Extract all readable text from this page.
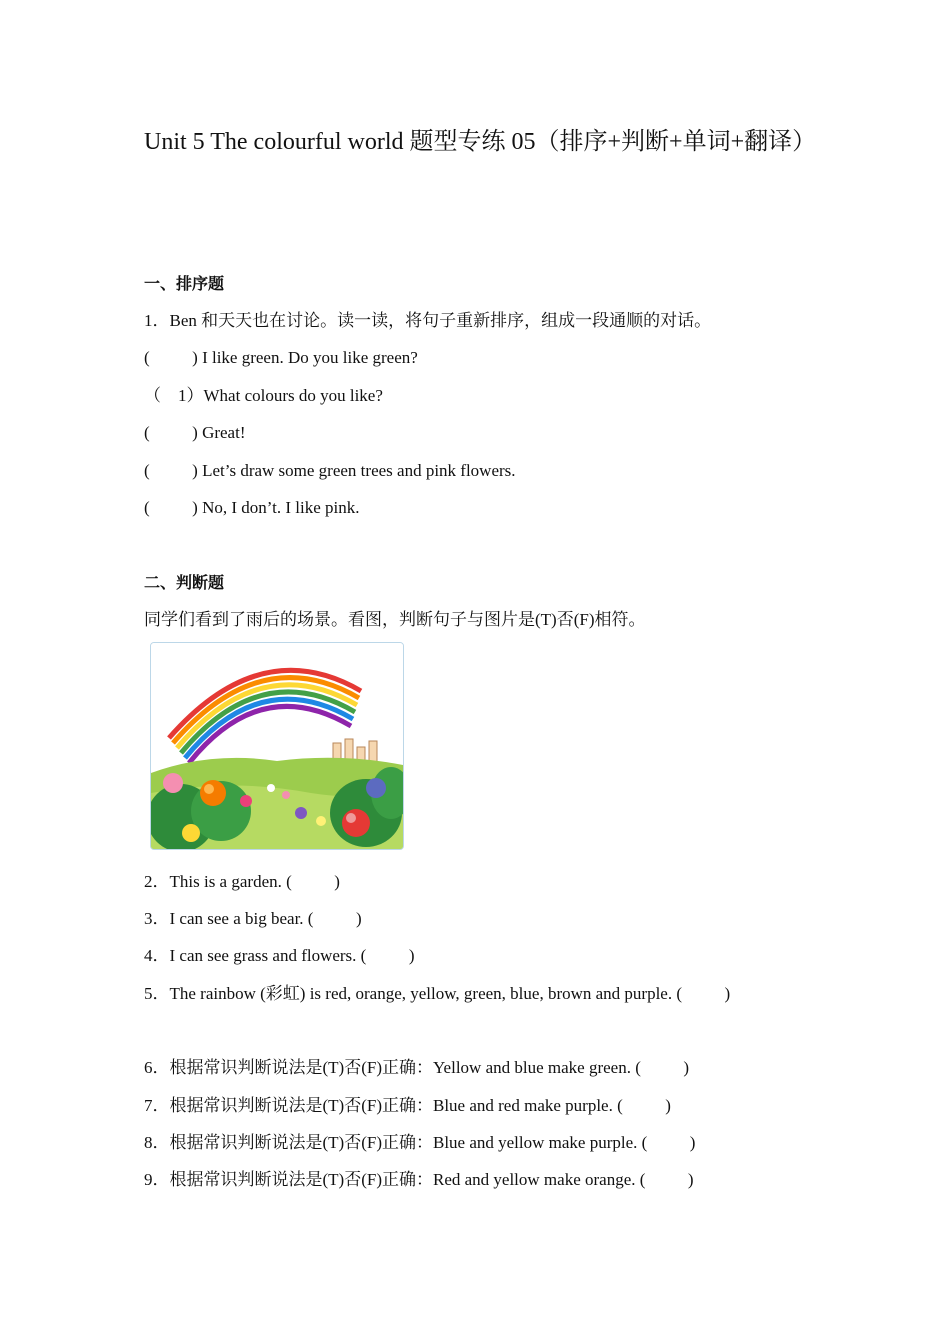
Unit 5 The colourful world 题型专练 05（排序+判断+单词+翻译）
一、排序题
1．Ben 和天天也在讨论。读一读，将句子重新排序，组成一段通顺的对话。
(          ) I like green. Do you like green?
（    1）What colours do you like?
(          ) Great!
(          ) Let’s draw some green trees and pink flowers.
(          ) No, I don’t. I like pink.
二、判断题
同学们看到了雨后的场景。看图，判断句子与图片是(T)否(F)相符。
2．This is a garden. (          )
3．I can see a big bear. (          )
4．I can see grass and flowers. (          )
5．The rainbow (彩虹) is red, orange, yellow, green, blue, brown and purple. (          )
6．根据常识判断说法是(T)否(F)正确：Yellow and blue make green. (          )
7．根据常识判断说法是(T)否(F)正确：Blue and red make purple. (          )
8．根据常识判断说法是(T)否(F)正确：Blue and yellow make purple. (          )
9．根据常识判断说法是(T)否(F)正确：Red and yellow make orange. (          )
